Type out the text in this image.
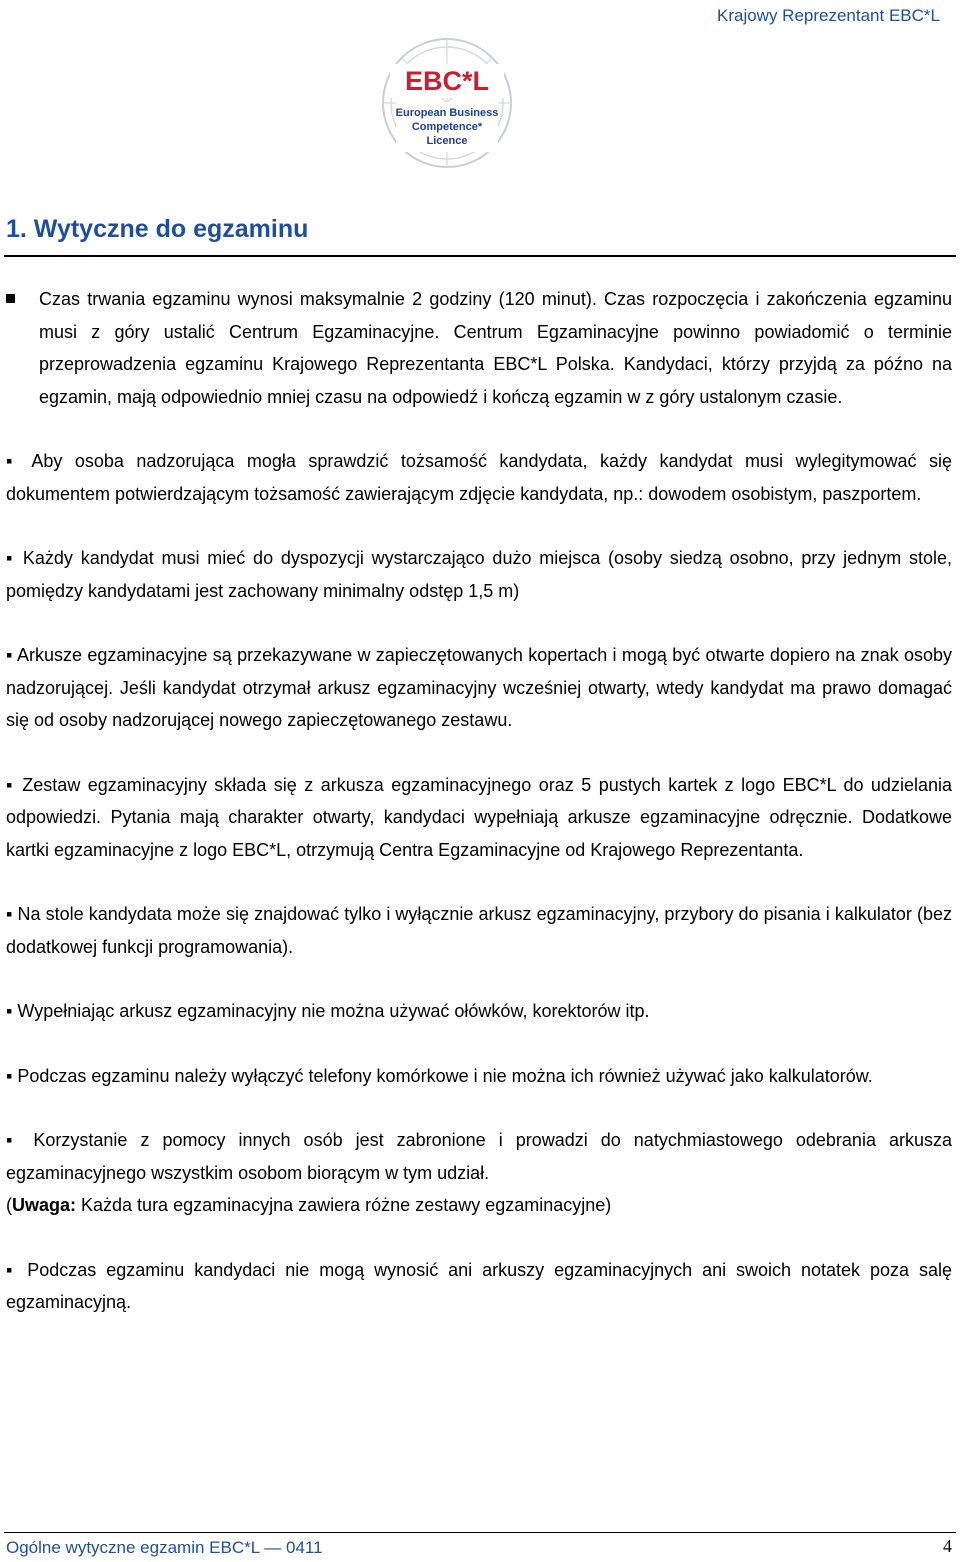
Krajowy Reprezentant EBC*L
EBC*L
European Business
Competence*
Licence
1. Wytyczne do egzaminu

Czas trwania egzaminu wynosi maksymalnie 2 godziny (120 minut). Czas rozpoczęcia i zakończenia egzaminu musi z góry ustalić Centrum Egzaminacyjne. Centrum Egzaminacyjne powinno powiadomić o terminie przeprowadzenia egzaminu Krajowego Reprezentanta EBC*L Polska. Kandydaci, którzy przyjdą za późno na egzamin, mają odpowiednio mniej czasu na odpowiedź i kończą egzamin w z góry ustalonym czasie.

▪ Aby osoba nadzorująca mogła sprawdzić tożsamość kandydata, każdy kandydat musi wylegitymować się dokumentem potwierdzającym tożsamość zawierającym zdjęcie kandydata, np.: dowodem osobistym, paszportem.

▪ Każdy kandydat musi mieć do dyspozycji wystarczająco dużo miejsca (osoby siedzą osobno, przy jednym stole, pomiędzy kandydatami jest zachowany minimalny odstęp 1,5 m)

▪ Arkusze egzaminacyjne są przekazywane w zapieczętowanych kopertach i mogą być otwarte dopiero na znak osoby nadzorującej. Jeśli kandydat otrzymał arkusz egzaminacyjny wcześniej otwarty, wtedy kandydat ma prawo domagać się od osoby nadzorującej nowego zapieczętowanego zestawu.

▪ Zestaw egzaminacyjny składa się z arkusza egzaminacyjnego oraz 5 pustych kartek z logo EBC*L do udzielania odpowiedzi. Pytania mają charakter otwarty, kandydaci wypełniają arkusze egzaminacyjne odręcznie. Dodatkowe kartki egzaminacyjne z logo EBC*L, otrzymują Centra Egzaminacyjne od Krajowego Reprezentanta.

▪ Na stole kandydata może się znajdować tylko i wyłącznie arkusz egzaminacyjny, przybory do pisania i kalkulator (bez dodatkowej funkcji programowania).

▪ Wypełniając arkusz egzaminacyjny nie można używać ołówków, korektorów itp.

▪ Podczas egzaminu należy wyłączyć telefony komórkowe i nie można ich również używać jako kalkulatorów.

▪ Korzystanie z pomocy innych osób jest zabronione i prowadzi do natychmiastowego odebrania arkusza egzaminacyjnego wszystkim osobom biorącym w tym udział.

(Uwaga: Każda tura egzaminacyjna zawiera różne zestawy egzaminacyjne)

▪ Podczas egzaminu kandydaci nie mogą wynosić ani arkuszy egzaminacyjnych ani swoich notatek poza salę egzaminacyjną.

Ogólne wytyczne egzamin EBC*L — 0411	4
